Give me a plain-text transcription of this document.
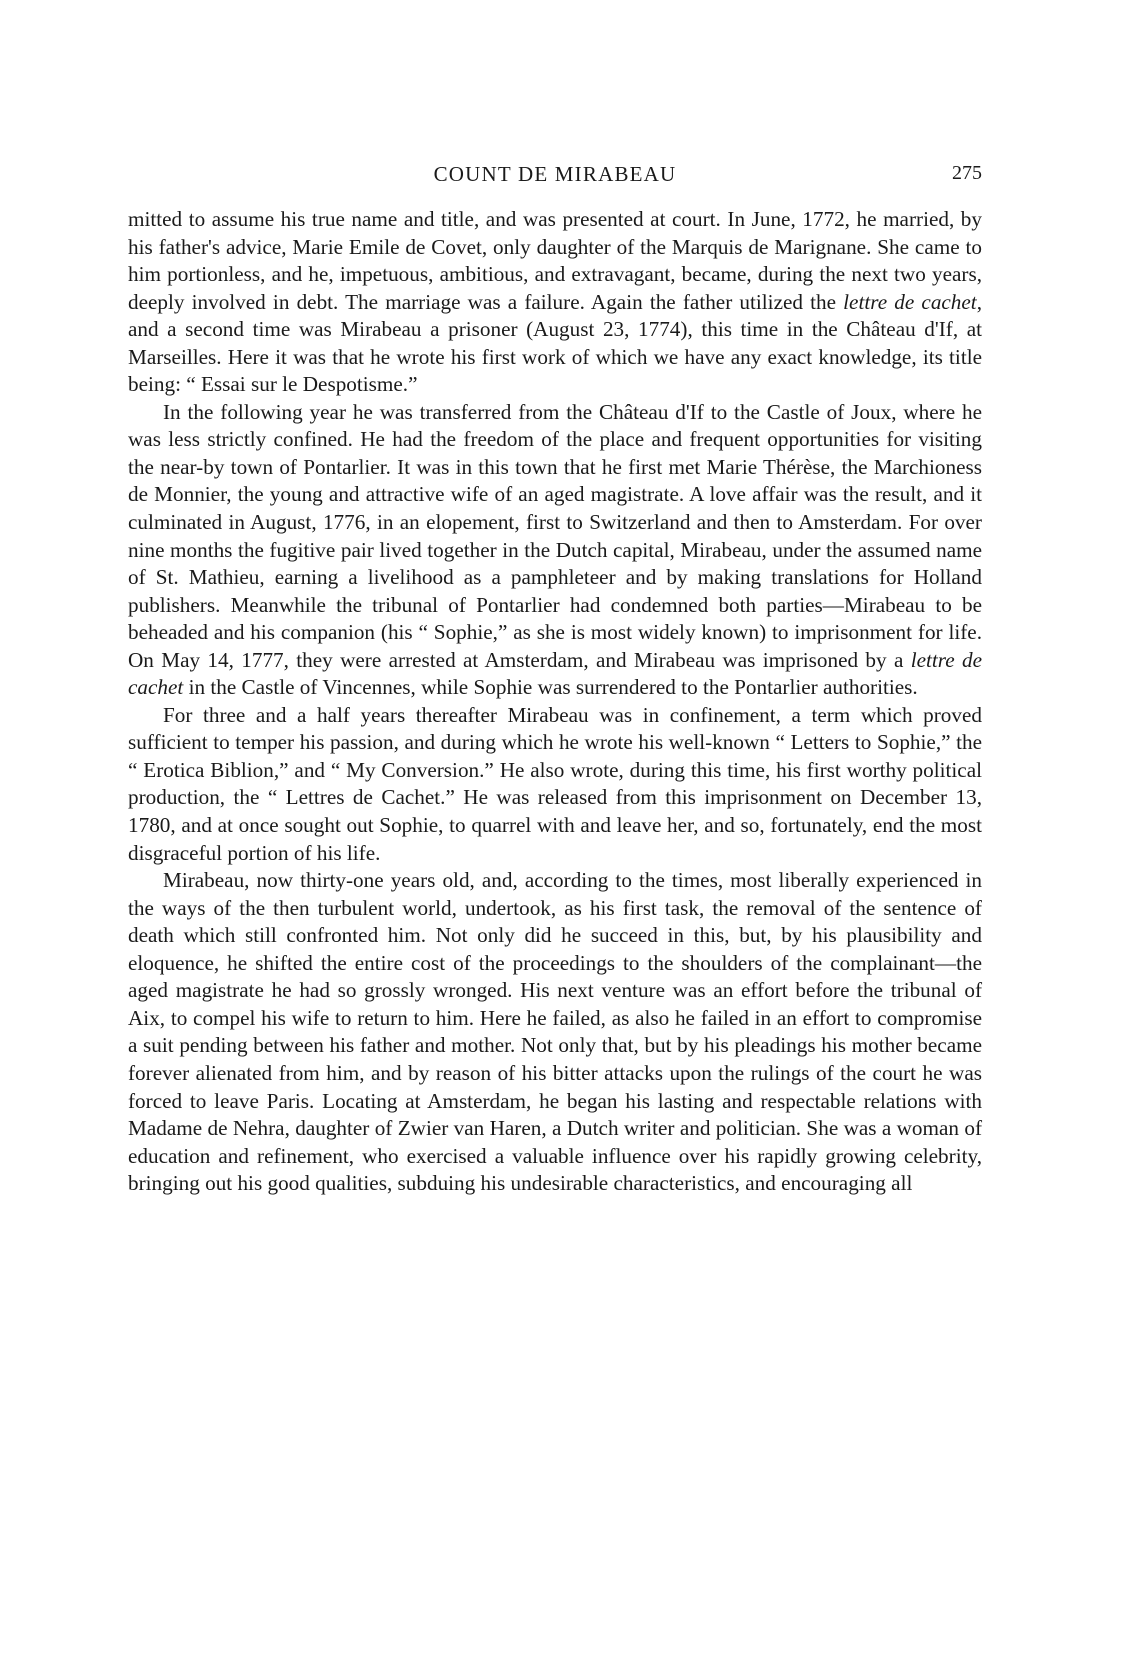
COUNT DE MIRABEAU	275

mitted to assume his true name and title, and was presented at court. In June, 1772, he married, by his father's advice, Marie Emile de Covet, only daughter of the Marquis de Marignane. She came to him portionless, and he, impetuous, ambitious, and extravagant, became, during the next two years, deeply involved in debt. The marriage was a failure. Again the father utilized the lettre de cachet, and a second time was Mirabeau a prisoner (August 23, 1774), this time in the Château d'If, at Marseilles. Here it was that he wrote his first work of which we have any exact knowledge, its title being: “ Essai sur le Despotisme.”

In the following year he was transferred from the Château d'If to the Castle of Joux, where he was less strictly confined. He had the freedom of the place and frequent opportunities for visiting the near-by town of Pontarlier. It was in this town that he first met Marie Thérèse, the Marchioness de Monnier, the young and attractive wife of an aged magistrate. A love affair was the result, and it culminated in August, 1776, in an elopement, first to Switzerland and then to Amsterdam. For over nine months the fugitive pair lived together in the Dutch capital, Mirabeau, under the assumed name of St. Mathieu, earning a livelihood as a pamphleteer and by making translations for Holland publishers. Meanwhile the tribunal of Pontarlier had condemned both parties—Mirabeau to be beheaded and his companion (his “ Sophie,” as she is most widely known) to imprisonment for life. On May 14, 1777, they were arrested at Amsterdam, and Mirabeau was imprisoned by a lettre de cachet in the Castle of Vincennes, while Sophie was surrendered to the Pontarlier authorities.

For three and a half years thereafter Mirabeau was in confinement, a term which proved sufficient to temper his passion, and during which he wrote his well-known “ Letters to Sophie,” the “ Erotica Biblion,” and “ My Conversion.” He also wrote, during this time, his first worthy political production, the “ Lettres de Cachet.” He was released from this imprisonment on December 13, 1780, and at once sought out Sophie, to quarrel with and leave her, and so, fortunately, end the most disgraceful portion of his life.

Mirabeau, now thirty-one years old, and, according to the times, most liberally experienced in the ways of the then turbulent world, undertook, as his first task, the removal of the sentence of death which still confronted him. Not only did he succeed in this, but, by his plausibility and eloquence, he shifted the entire cost of the proceedings to the shoulders of the complainant—the aged magistrate he had so grossly wronged. His next venture was an effort before the tribunal of Aix, to compel his wife to return to him. Here he failed, as also he failed in an effort to compromise a suit pending between his father and mother. Not only that, but by his pleadings his mother became forever alienated from him, and by reason of his bitter attacks upon the rulings of the court he was forced to leave Paris. Locating at Amsterdam, he began his lasting and respectable relations with Madame de Nehra, daughter of Zwier van Haren, a Dutch writer and politician. She was a woman of education and refinement, who exercised a valuable influence over his rapidly growing celebrity, bringing out his good qualities, subduing his undesirable characteristics, and encouraging all
